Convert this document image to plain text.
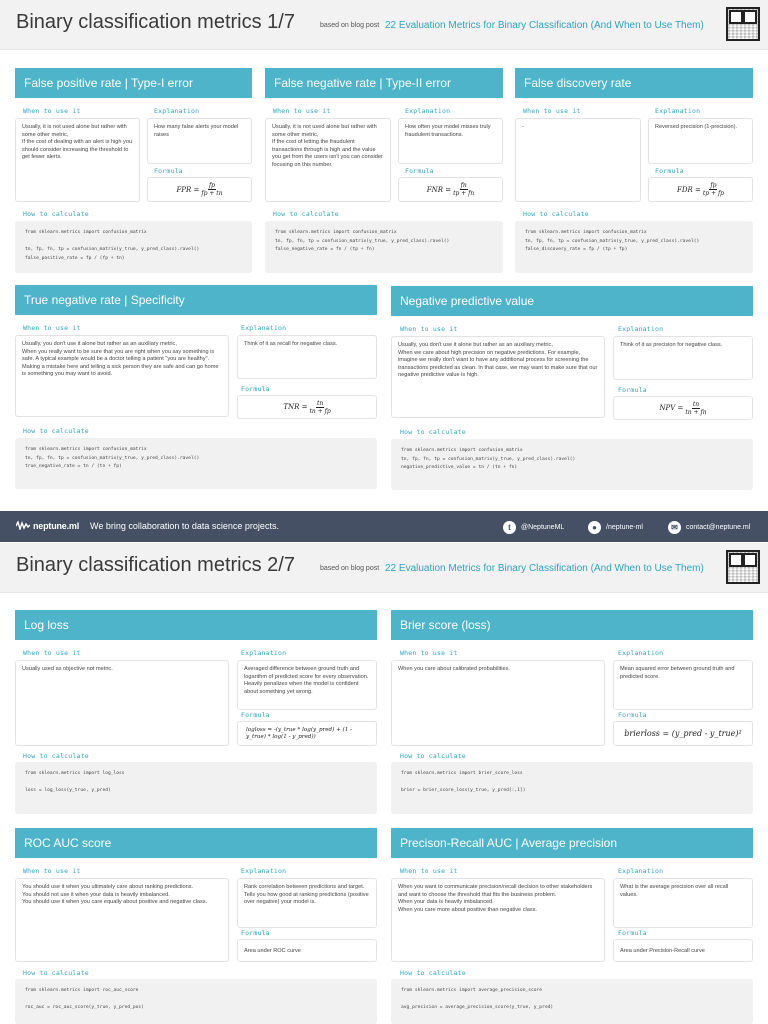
Binary classification metrics 1/7	based on blog post 22 Evaluation Metrics for Binary Classification (And When to Use Them)
False positive rate | Type-I error
When to use it
Usually, it is not used alone but rather with some other metric,
If the cost of dealing with an alert is high you should consider increasing the threshold to get fewer alerts.
Explanation
How many false alerts your model raises
Formula
FPR = $\frac{fp}{fp + tn}$
How to calculate
from sklearn.metrics import confusion_matrix

tn, fp, fn, tp = confusion_matrix(y_true, y_pred_class).ravel()
false_positive_rate = fp / (fp + tn)
False negative rate | Type-II error
When to use it
Usually, it is not used alone but rather with some other metric,
If the cost of letting the fraudulent transactions through is high and the value you get from the users isn't you can consider focusing on this number.
Explanation
How often your model misses truly fraudulent transactions.
Formula
FNR = $\frac{fn}{tp + fn}$
How to calculate
from sklearn.metrics import confusion_matrix
tn, fp, fn, tp = confusion_matrix(y_true, y_pred_class).ravel()
false_negative_rate = fn / (tp + fn)
False discovery rate
When to use it
-
Explanation
Reversed precision (1-precision).
Formula
FDR = $\frac{fp}{tp + fp}$
How to calculate
from sklearn.metrics import confusion_matrix
tn, fp, fn, tp = confusion_matrix(y_true, y_pred_class).ravel()
false_discovery_rate = fp / (tp + fp)
True negative rate | Specificity
When to use it
Usually, you don't use it alone but rather as an auxiliary metric,
When you really want to be sure that you are right when you say something is safe. A typical example would be a doctor telling a patient "you are healthy". Making a mistake here and telling a sick person they are safe and can go home is something you may want to avoid.
Explanation
Think of it as recall for negative class.
Formula
TNR = $\frac{tn}{tn + fp}$
How to calculate
from sklearn.metrics import confusion_matrix
tn, fp, fn, tp = confusion_matrix(y_true, y_pred_class).ravel()
true_negative_rate = tn / (tn + fp)
Negative predictive value
When to use it
Usually, you don't use it alone but rather as an auxiliary metric,
When we care about high precision on negative predictions. For example, imagine we really don't want to have any additional process for screening the transactions predicted as clean. In that case, we may want to make sure that our negative predictive value is high.
Explanation
Think of it as precision for negative class.
Formula
NPV = $\frac{tn}{tn + fn}$
How to calculate
from sklearn.metrics import confusion_matrix
tn, fp, fn, tp = confusion_matrix(y_true, y_pred_class).ravel()
negative_predictive_value = tn / (tn + fn)
neptune.ml We bring collaboration to data science projects.	t	@NeptuneML	●	/neptune-ml	✉	contact@neptune.ml
Binary classification metrics 2/7	based on blog post 22 Evaluation Metrics for Binary Classification (And When to Use Them)
Log loss
When to use it
Usually used as objective not metric.
Explanation
Averaged difference between ground truth and logarithm of predicted score for every observation. Heavily penalizes when the model is confident about something yet wrong.
Formula
logloss = -(y_true * log(y_pred) + (1 - y_true) * log(1 - y_pred))
How to calculate
from sklearn.metrics import log_loss

loss = log_loss(y_true, y_pred)
Brier score (loss)
When to use it
When you care about calibrated probabilities.
Explanation
Mean squared error between ground truth and predicted score.
Formula
brierloss = (y_pred - y_true)²
How to calculate
from sklearn.metrics import brier_score_loss

brier = brier_score_loss(y_true, y_pred[:,1])
ROC AUC score
When to use it
You should use it when you ultimately care about ranking predictions.
You should not use it when your data is heavily imbalanced.
You should use it when you care equally about positive and negative class.
Explanation
Rank correlation between predictions and target. Tells you how good at ranking predictions (positive over negative) your model is.
Formula
Area under ROC curve
How to calculate
from sklearn.metrics import roc_auc_score

roc_auc = roc_auc_score(y_true, y_pred_pos)
Precison-Recall AUC | Average precision
When to use it
When you want to communicate precision/recall decision to other stakeholders and want to choose the threshold that fits the business problem.
When your data is heavily imbalanced.
When you care more about positive than negative class.
Explanation
What is the average precision over all recall values.
Formula
Area under Precision-Recall curve
How to calculate
from sklearn.metrics import average_precision_score

avg_precision = average_precision_score(y_true, y_pred)
